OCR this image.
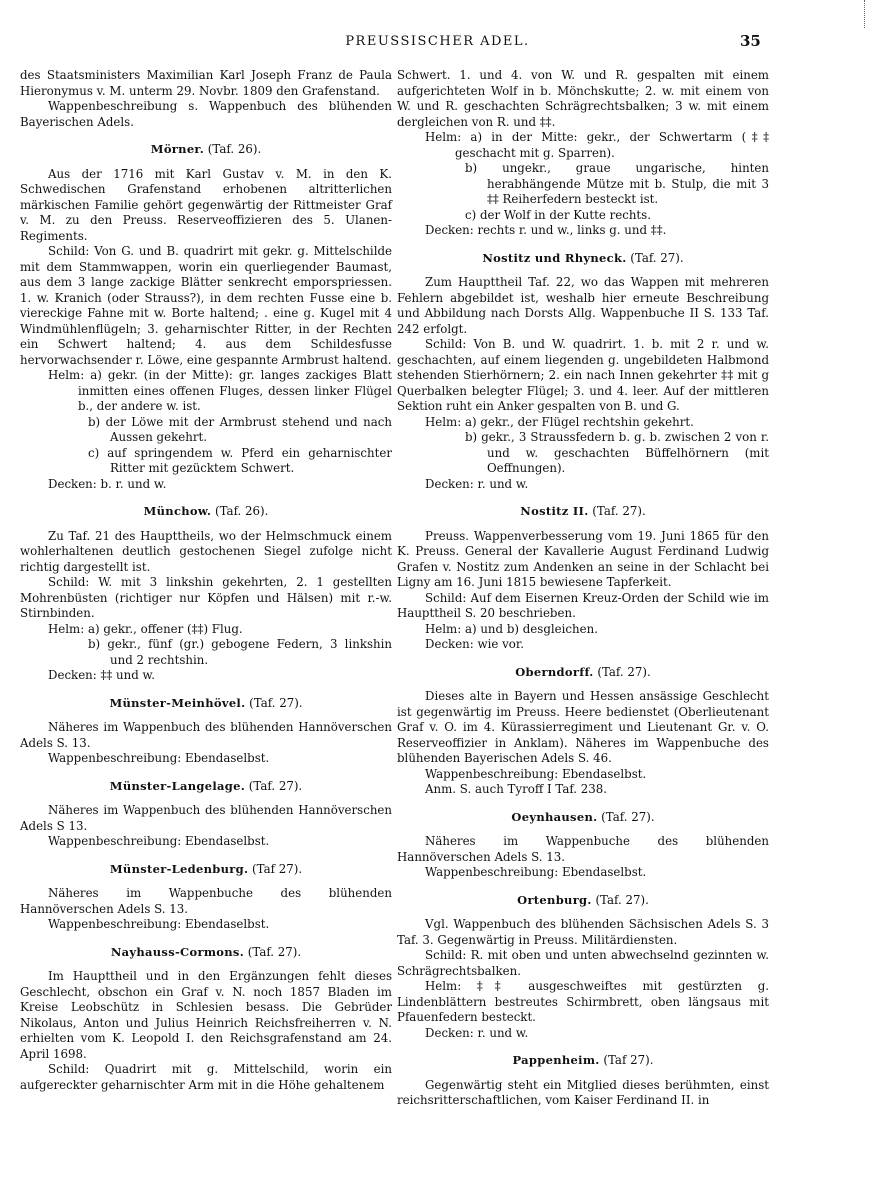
PREUSSISCHER ADEL.	35

des Staatsministers Maximilian Karl Joseph Franz de Paula Hieronymus v. M. unterm 29. Novbr. 1809 den Grafenstand.

Wappenbeschreibung s. Wappenbuch des blühenden Bayerischen Adels.

Mörner. (Taf. 26).

Aus der 1716 mit Karl Gustav v. M. in den K. Schwedischen Grafenstand erhobenen altritterlichen märkischen Familie gehört gegenwärtig der Rittmeister Graf v. M. zu den Preuss. Reserveoffizieren des 5. Ulanen-Regiments.

Schild: Von G. und B. quadrirt mit gekr. g. Mittelschilde mit dem Stammwappen, worin ein querliegender Baumast, aus dem 3 lange zackige Blätter senkrecht emporspriessen. 1. w. Kranich (oder Strauss?), in dem rechten Fusse eine b. viereckige Fahne mit w. Borte haltend; . eine g. Kugel mit 4 Windmühlenflügeln; 3. geharnischter Ritter, in der Rechten ein Schwert haltend; 4. aus dem Schildesfusse hervorwachsender r. Löwe, eine gespannte Armbrust haltend.

Helm: a) gekr. (in der Mitte): gr. langes zackiges Blatt inmitten eines offenen Fluges, dessen linker Flügel b., der andere w. ist.

b) der Löwe mit der Armbrust stehend und nach Aussen gekehrt.

c) auf springendem w. Pferd ein geharnischter Ritter mit gezücktem Schwert.

Decken: b. r. und w.

Münchow. (Taf. 26).

Zu Taf. 21 des Haupttheils, wo der Helmschmuck einem wohlerhaltenen deutlich gestochenen Siegel zufolge nicht richtig dargestellt ist.

Schild: W. mit 3 linkshin gekehrten, 2. 1 gestellten Mohrenbüsten (richtiger nur Köpfen und Hälsen) mit r.-w. Stirnbinden.

Helm: a) gekr., offener (‡‡) Flug.

b) gekr., fünf (gr.) gebogene Federn, 3 linkshin und 2 rechtshin.

Decken: ‡‡ und w.

Münster-Meinhövel. (Taf. 27).

Näheres im Wappenbuch des blühenden Hannöverschen Adels S. 13.

Wappenbeschreibung: Ebendaselbst.

Münster-Langelage. (Taf. 27).

Näheres im Wappenbuch des blühenden Hannöverschen Adels S 13.

Wappenbeschreibung: Ebendaselbst.

Münster-Ledenburg. (Taf 27).

Näheres im Wappenbuche des blühenden Hannöverschen Adels S. 13.

Wappenbeschreibung: Ebendaselbst.

Nayhauss-Cormons. (Taf. 27).

Im Haupttheil und in den Ergänzungen fehlt dieses Geschlecht, obschon ein Graf v. N. noch 1857 Bladen im Kreise Leobschütz in Schlesien besass. Die Gebrüder Nikolaus, Anton und Julius Heinrich Reichsfreiherren v. N. erhielten vom K. Leopold I. den Reichsgrafenstand am 24. April 1698.

Schild: Quadrirt mit g. Mittelschild, worin ein aufgereckter geharnischter Arm mit in die Höhe gehaltenem

Schwert. 1. und 4. von W. und R. gespalten mit einem aufgerichteten Wolf in b. Mönchskutte; 2. w. mit einem von W. und R. geschachten Schrägrechtsbalken; 3 w. mit einem dergleichen von R. und ‡‡.

Helm: a) in der Mitte: gekr., der Schwertarm (‡‡ geschacht mit g. Sparren).

b) ungekr., graue ungarische, hinten herabhängende Mütze mit b. Stulp, die mit 3 ‡‡ Reiherfedern besteckt ist.

c) der Wolf in der Kutte rechts.

Decken: rechts r. und w., links g. und ‡‡.

Nostitz und Rhyneck. (Taf. 27).

Zum Haupttheil Taf. 22, wo das Wappen mit mehreren Fehlern abgebildet ist, weshalb hier erneute Beschreibung und Abbildung nach Dorsts Allg. Wappenbuche II S. 133 Taf. 242 erfolgt.

Schild: Von B. und W. quadrirt. 1. b. mit 2 r. und w. geschachten, auf einem liegenden g. ungebildeten Halbmond stehenden Stierhörnern; 2. ein nach Innen gekehrter ‡‡ mit g Querbalken belegter Flügel; 3. und 4. leer. Auf der mittleren Sektion ruht ein Anker gespalten von B. und G.

Helm: a) gekr., der Flügel rechtshin gekehrt.

b) gekr., 3 Straussfedern b. g. b. zwischen 2 von r. und w. geschachten Büffelhörnern (mit Oeffnungen).

Decken: r. und w.

Nostitz II. (Taf. 27).

Preuss. Wappenverbesserung vom 19. Juni 1865 für den K. Preuss. General der Kavallerie August Ferdinand Ludwig Grafen v. Nostitz zum Andenken an seine in der Schlacht bei Ligny am 16. Juni 1815 bewiesene Tapferkeit.

Schild: Auf dem Eisernen Kreuz-Orden der Schild wie im Haupttheil S. 20 beschrieben.

Helm: a) und b) desgleichen.

Decken: wie vor.

Oberndorff. (Taf. 27).

Dieses alte in Bayern und Hessen ansässige Geschlecht ist gegenwärtig im Preuss. Heere bedienstet (Oberlieutenant Graf v. O. im 4. Kürassierregiment und Lieutenant Gr. v. O. Reserveoffizier in Anklam). Näheres im Wappenbuche des blühenden Bayerischen Adels S. 46.

Wappenbeschreibung: Ebendaselbst.

Anm. S. auch Tyroff I Taf. 238.

Oeynhausen. (Taf. 27).

Näheres im Wappenbuche des blühenden Hannöverschen Adels S. 13.

Wappenbeschreibung: Ebendaselbst.

Ortenburg. (Taf. 27).

Vgl. Wappenbuch des blühenden Sächsischen Adels S. 3 Taf. 3. Gegenwärtig in Preuss. Militärdiensten.

Schild: R. mit oben und unten abwechselnd gezinnten w. Schrägrechtsbalken.

Helm: ‡‡ ausgeschweiftes mit gestürzten g. Lindenblättern bestreutes Schirmbrett, oben längsaus mit Pfauenfedern besteckt.

Decken: r. und w.

Pappenheim. (Taf 27).

Gegenwärtig steht ein Mitglied dieses berühmten, einst reichsritterschaftlichen, vom Kaiser Ferdinand II. in
